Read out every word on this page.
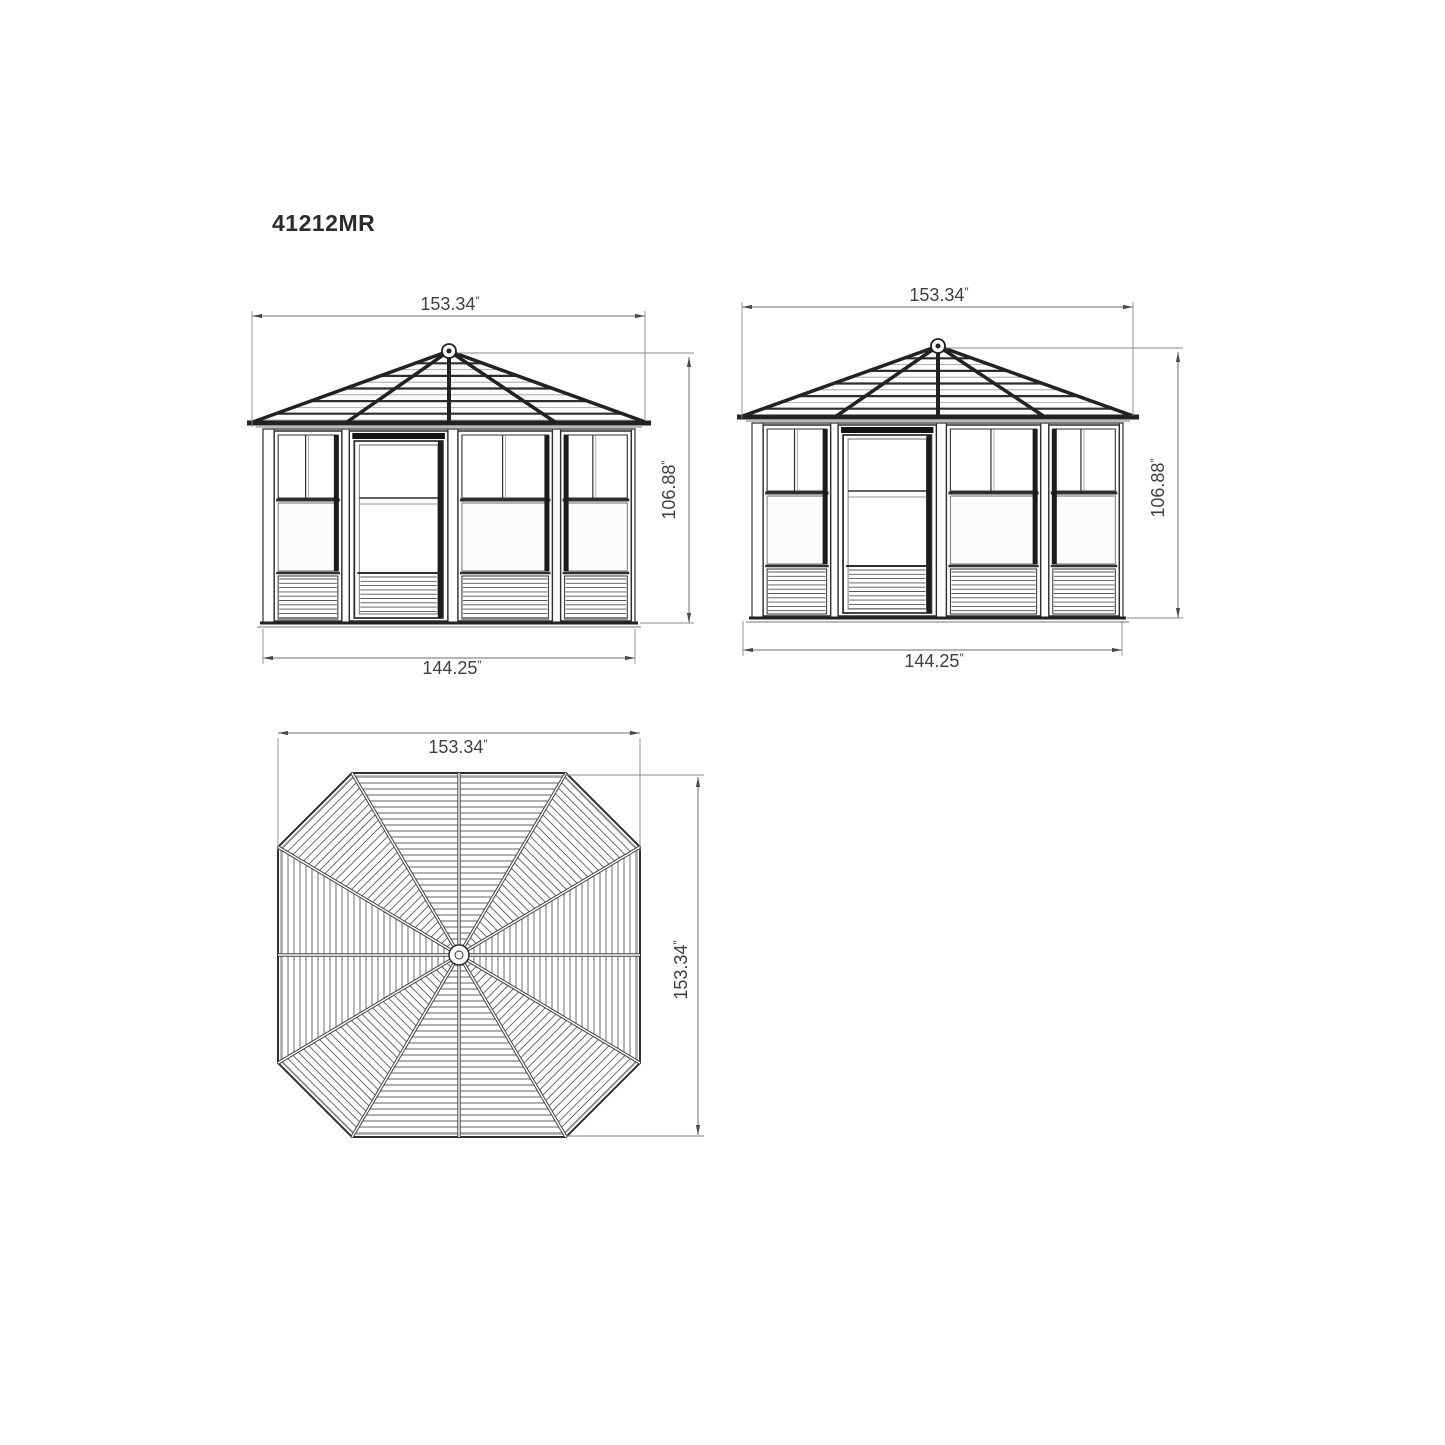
41212MR
153.34″
106.88″
144.25″
153.34″
106.88″
144.25″
153.34″
153.34″
